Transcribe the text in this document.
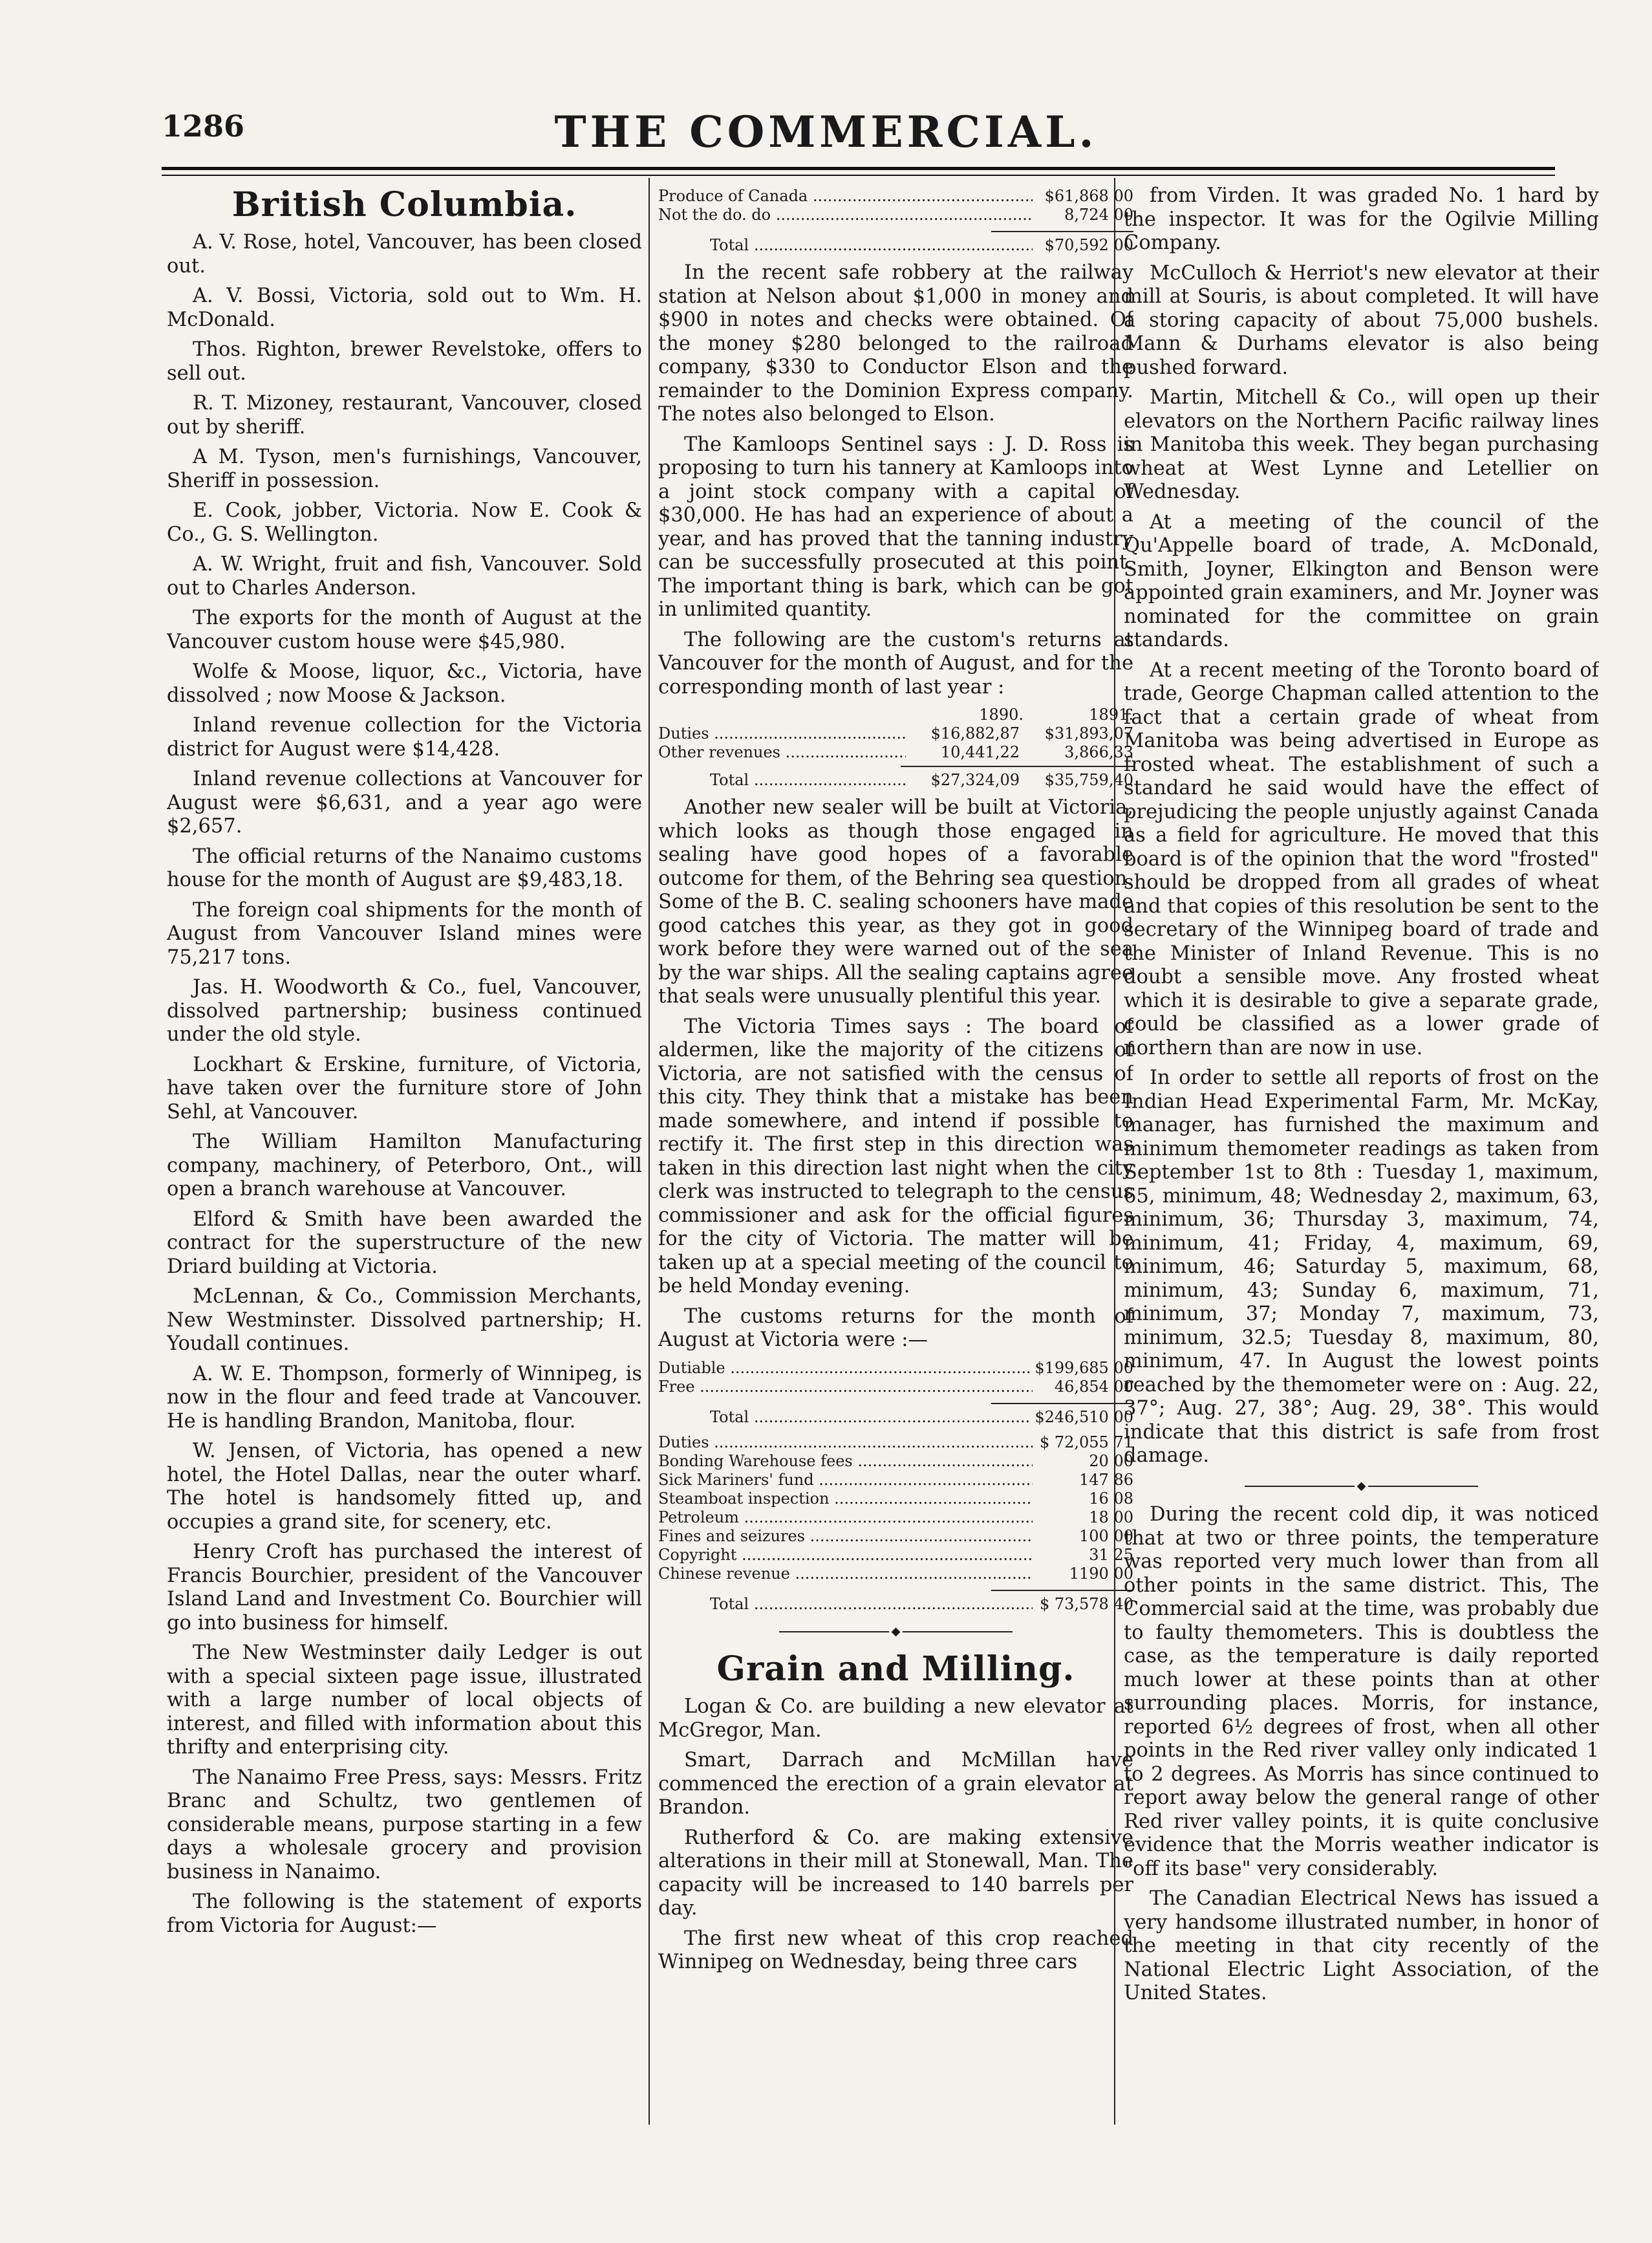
1286	THE COMMERCIAL.
British Columbia.

A. V. Rose, hotel, Vancouver, has been closed out.

A. V. Bossi, Victoria, sold out to Wm. H. McDonald.

Thos. Righton, brewer Revelstoke, offers to sell out.

R. T. Mizoney, restaurant, Vancouver, closed out by sheriff.

A M. Tyson, men's furnishings, Vancouver, Sheriff in possession.

E. Cook, jobber, Victoria. Now E. Cook & Co., G. S. Wellington.

A. W. Wright, fruit and fish, Vancouver. Sold out to Charles Anderson.

The exports for the month of August at the Vancouver custom house were $45,980.

Wolfe & Moose, liquor, &c., Victoria, have dissolved ; now Moose & Jackson.

Inland revenue collection for the Victoria district for August were $14,428.

Inland revenue collections at Vancouver for August were $6,631, and a year ago were $2,657.

The official returns of the Nanaimo customs house for the month of August are $9,483,18.

The foreign coal shipments for the month of August from Vancouver Island mines were 75,217 tons.

Jas. H. Woodworth & Co., fuel, Vancouver, dissolved partnership; business continued under the old style.

Lockhart & Erskine, furniture, of Victoria, have taken over the furniture store of John Sehl, at Vancouver.

The William Hamilton Manufacturing company, machinery, of Peterboro, Ont., will open a branch warehouse at Vancouver.

Elford & Smith have been awarded the contract for the superstructure of the new Driard building at Victoria.

McLennan, & Co., Commission Merchants, New Westminster. Dissolved partnership; H. Youdall continues.

A. W. E. Thompson, formerly of Winnipeg, is now in the flour and feed trade at Vancouver. He is handling Brandon, Manitoba, flour.

W. Jensen, of Victoria, has opened a new hotel, the Hotel Dallas, near the outer wharf. The hotel is handsomely fitted up, and occupies a grand site, for scenery, etc.

Henry Croft has purchased the interest of Francis Bourchier, president of the Vancouver Island Land and Investment Co. Bourchier will go into business for himself.

The New Westminster daily Ledger is out with a special sixteen page issue, illustrated with a large number of local objects of interest, and filled with information about this thrifty and enterprising city.

The Nanaimo Free Press, says: Messrs. Fritz Branc and Schultz, two gentlemen of considerable means, purpose starting in a few days a wholesale grocery and provision business in Nanaimo.

The following is the statement of exports from Victoria for August:—

Produce of Canada .....	$61,868 00
Not the do. do .....	8,724 00
Total .....	$70,592 00

In the recent safe robbery at the railway station at Nelson about $1,000 in money and $900 in notes and checks were obtained. Of the money $280 belonged to the railroad company, $330 to Conductor Elson and the remainder to the Dominion Express company. The notes also belonged to Elson.

The Kamloops Sentinel says : J. D. Ross is proposing to turn his tannery at Kamloops into a joint stock company with a capital of $30,000. He has had an experience of about a year, and has proved that the tanning industry can be successfully prosecuted at this point. The important thing is bark, which can be got in unlimited quantity.

The following are the custom's returns at Vancouver for the month of August, and for the corresponding month of last year :

1890.	1891.
Duties .....	$16,882,87	$31,893,07
Other revenues .....	10,441,22	3,866,33
Total .....	$27,324,09	$35,759,40

Another new sealer will be built at Victoria, which looks as though those engaged in sealing have good hopes of a favorable outcome for them, of the Behring sea question. Some of the B. C. sealing schooners have made good catches this year, as they got in good work before they were warned out of the sea by the war ships. All the sealing captains agree that seals were unusually plentiful this year.

The Victoria Times says : The board of aldermen, like the majority of the citizens of Victoria, are not satisfied with the census of this city. They think that a mistake has been made somewhere, and intend if possible to rectify it. The first step in this direction was taken in this direction last night when the city clerk was instructed to telegraph to the census commissioner and ask for the official figures for the city of Victoria. The matter will be taken up at a special meeting of the council to be held Monday evening.

The customs returns for the month of August at Victoria were :—

Dutiable .....	$199,685 00
Free .....	46,854 00
Total .....	$246,510 00
Duties .....	$ 72,055 71
Bonding Warehouse fees .....	20 00
Sick Mariners' fund .....	147 86
Steamboat inspection .....	16 08
Petroleum .....	18 00
Fines and seizures .....	100 00
Copyright .....	31 25
Chinese revenue .....	1190 00
Total .....	$ 73,578 40
◆
Grain and Milling.

Logan & Co. are building a new elevator at McGregor, Man.

Smart, Darrach and McMillan have commenced the erection of a grain elevator at Brandon.

Rutherford & Co. are making extensive alterations in their mill at Stonewall, Man. The capacity will be increased to 140 barrels per day.

The first new wheat of this crop reached Winnipeg on Wednesday, being three cars

from Virden. It was graded No. 1 hard by the inspector. It was for the Ogilvie Milling Company.

McCulloch & Herriot's new elevator at their mill at Souris, is about completed. It will have a storing capacity of about 75,000 bushels. Mann & Durhams elevator is also being pushed forward.

Martin, Mitchell & Co., will open up their elevators on the Northern Pacific railway lines in Manitoba this week. They began purchasing wheat at West Lynne and Letellier on Wednesday.

At a meeting of the council of the Qu'Appelle board of trade, A. McDonald, Smith, Joyner, Elkington and Benson were appointed grain examiners, and Mr. Joyner was nominated for the committee on grain standards.

At a recent meeting of the Toronto board of trade, George Chapman called attention to the fact that a certain grade of wheat from Manitoba was being advertised in Europe as frosted wheat. The establishment of such a standard he said would have the effect of prejudicing the people unjustly against Canada as a field for agriculture. He moved that this board is of the opinion that the word "frosted" should be dropped from all grades of wheat and that copies of this resolution be sent to the secretary of the Winnipeg board of trade and the Minister of Inland Revenue. This is no doubt a sensible move. Any frosted wheat which it is desirable to give a separate grade, could be classified as a lower grade of northern than are now in use.

In order to settle all reports of frost on the Indian Head Experimental Farm, Mr. McKay, manager, has furnished the maximum and minimum themometer readings as taken from September 1st to 8th : Tuesday 1, maximum, 65, minimum, 48; Wednesday 2, maximum, 63, minimum, 36; Thursday 3, maximum, 74, minimum, 41; Friday, 4, maximum, 69, minimum, 46; Saturday 5, maximum, 68, minimum, 43; Sunday 6, maximum, 71, minimum, 37; Monday 7, maximum, 73, minimum, 32.5; Tuesday 8, maximum, 80, minimum, 47. In August the lowest points reached by the themometer were on : Aug. 22, 37°; Aug. 27, 38°; Aug. 29, 38°. This would indicate that this district is safe from frost damage.

◆

During the recent cold dip, it was noticed that at two or three points, the temperature was reported very much lower than from all other points in the same district. This, The Commercial said at the time, was probably due to faulty themometers. This is doubtless the case, as the temperature is daily reported much lower at these points than at other surrounding places. Morris, for instance, reported 6½ degrees of frost, when all other points in the Red river valley only indicated 1 to 2 degrees. As Morris has since continued to report away below the general range of other Red river valley points, it is quite conclusive evidence that the Morris weather indicator is "off its base" very considerably.

The Canadian Electrical News has issued a very handsome illustrated number, in honor of the meeting in that city recently of the National Electric Light Association, of the United States.
